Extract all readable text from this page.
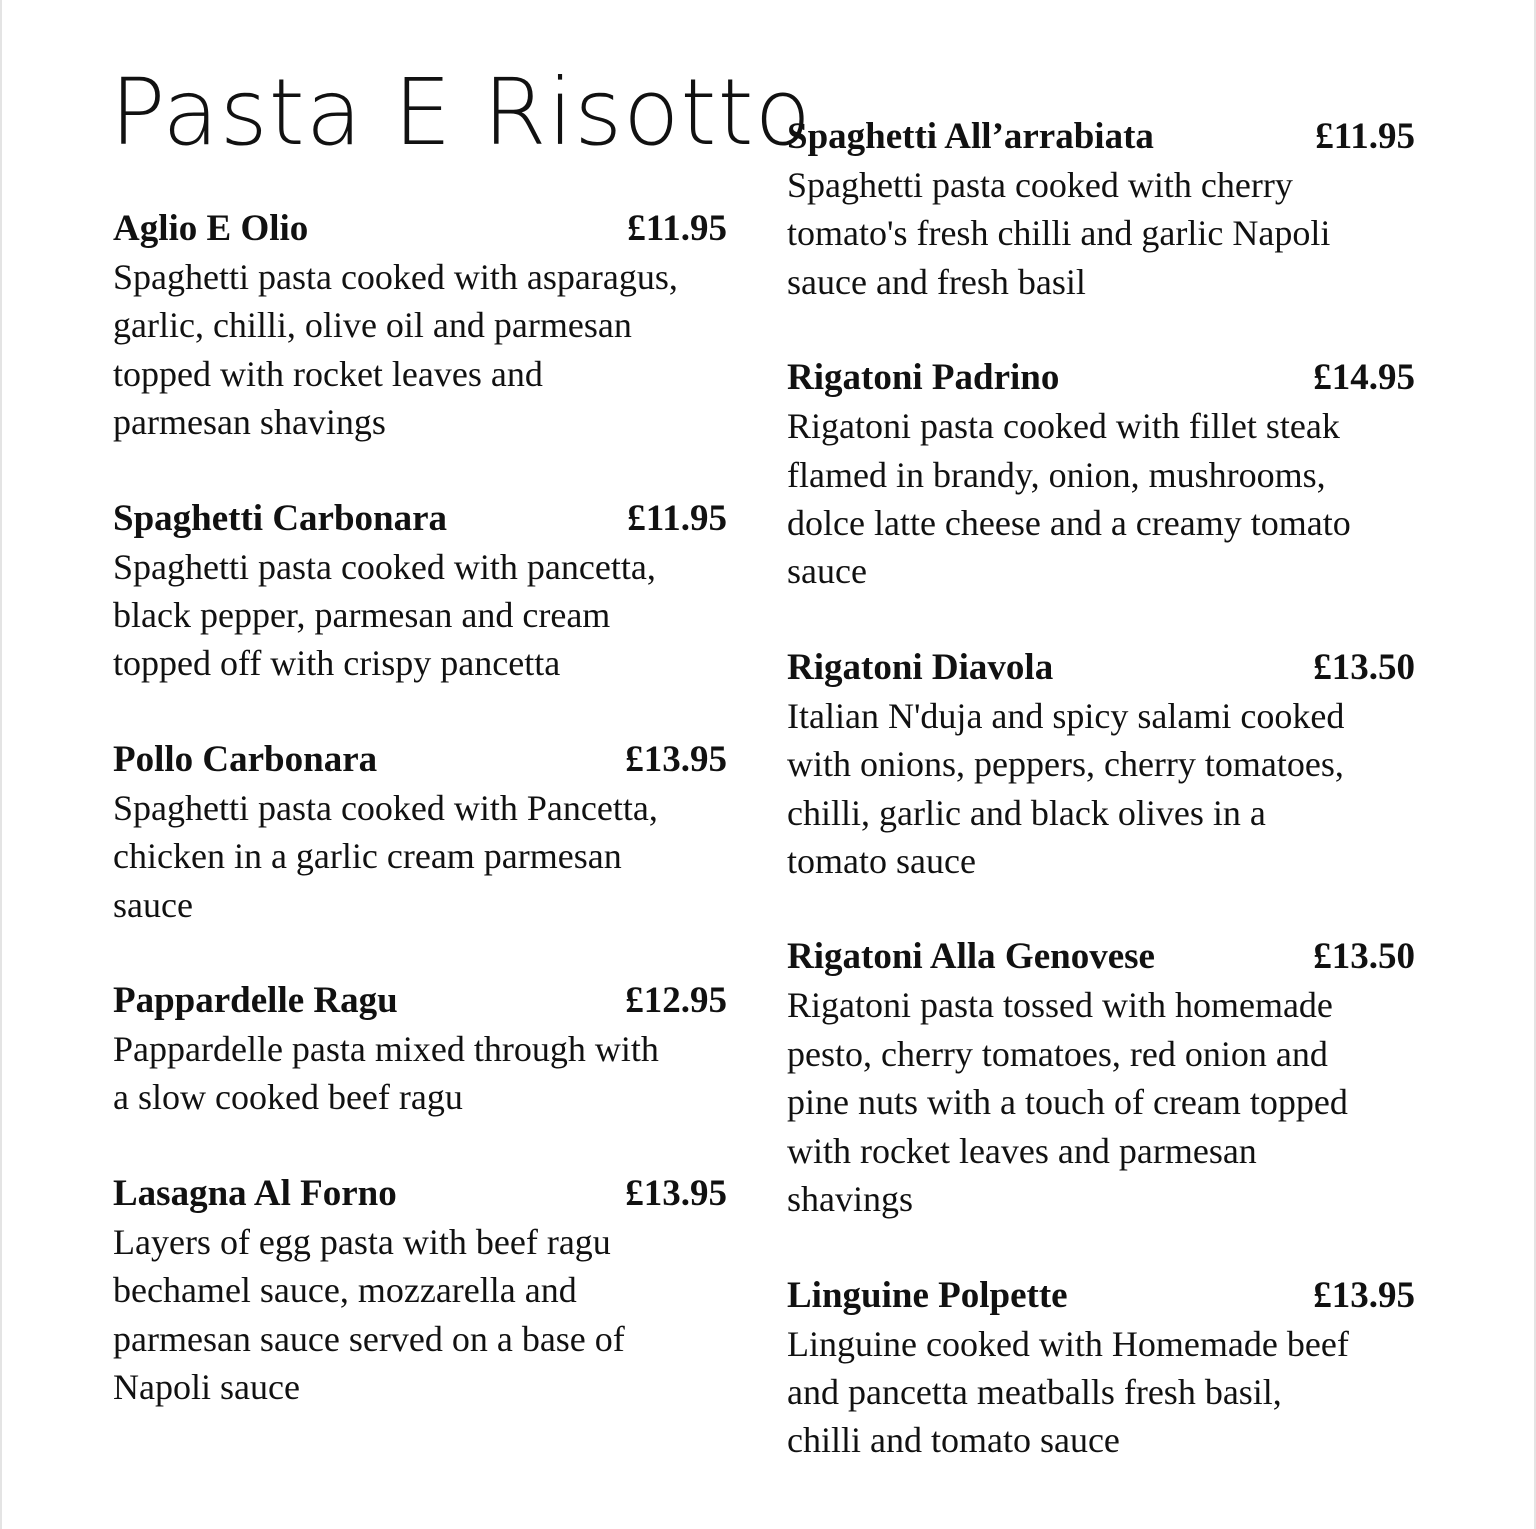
Pasta E Risotto
Aglio E Olio	£11.95

Spaghetti pasta cooked with asparagus,
garlic, chilli, olive oil and parmesan
topped with rocket leaves and
parmesan shavings

Spaghetti Carbonara	£11.95

Spaghetti pasta cooked with pancetta,
black pepper, parmesan and cream
topped off with crispy pancetta

Pollo Carbonara	£13.95

Spaghetti pasta cooked with Pancetta,
chicken in a garlic cream parmesan
sauce

Pappardelle Ragu	£12.95

Pappardelle pasta mixed through with
a slow cooked beef ragu

Lasagna Al Forno	£13.95

Layers of egg pasta with beef ragu
bechamel sauce, mozzarella and
parmesan sauce served on a base of
Napoli sauce

Spaghetti All’arrabiata	£11.95

Spaghetti pasta cooked with cherry
tomato's fresh chilli and garlic Napoli
sauce and fresh basil

Rigatoni Padrino	£14.95

Rigatoni pasta cooked with fillet steak
flamed in brandy, onion, mushrooms,
dolce latte cheese and a creamy tomato
sauce

Rigatoni Diavola	£13.50

Italian N'duja and spicy salami cooked
with onions, peppers, cherry tomatoes,
chilli, garlic and black olives in a
tomato sauce

Rigatoni Alla Genovese	£13.50

Rigatoni pasta tossed with homemade
pesto, cherry tomatoes, red onion and
pine nuts with a touch of cream topped
with rocket leaves and parmesan
shavings

Linguine Polpette	£13.95

Linguine cooked with Homemade beef
and pancetta meatballs fresh basil,
chilli and tomato sauce
